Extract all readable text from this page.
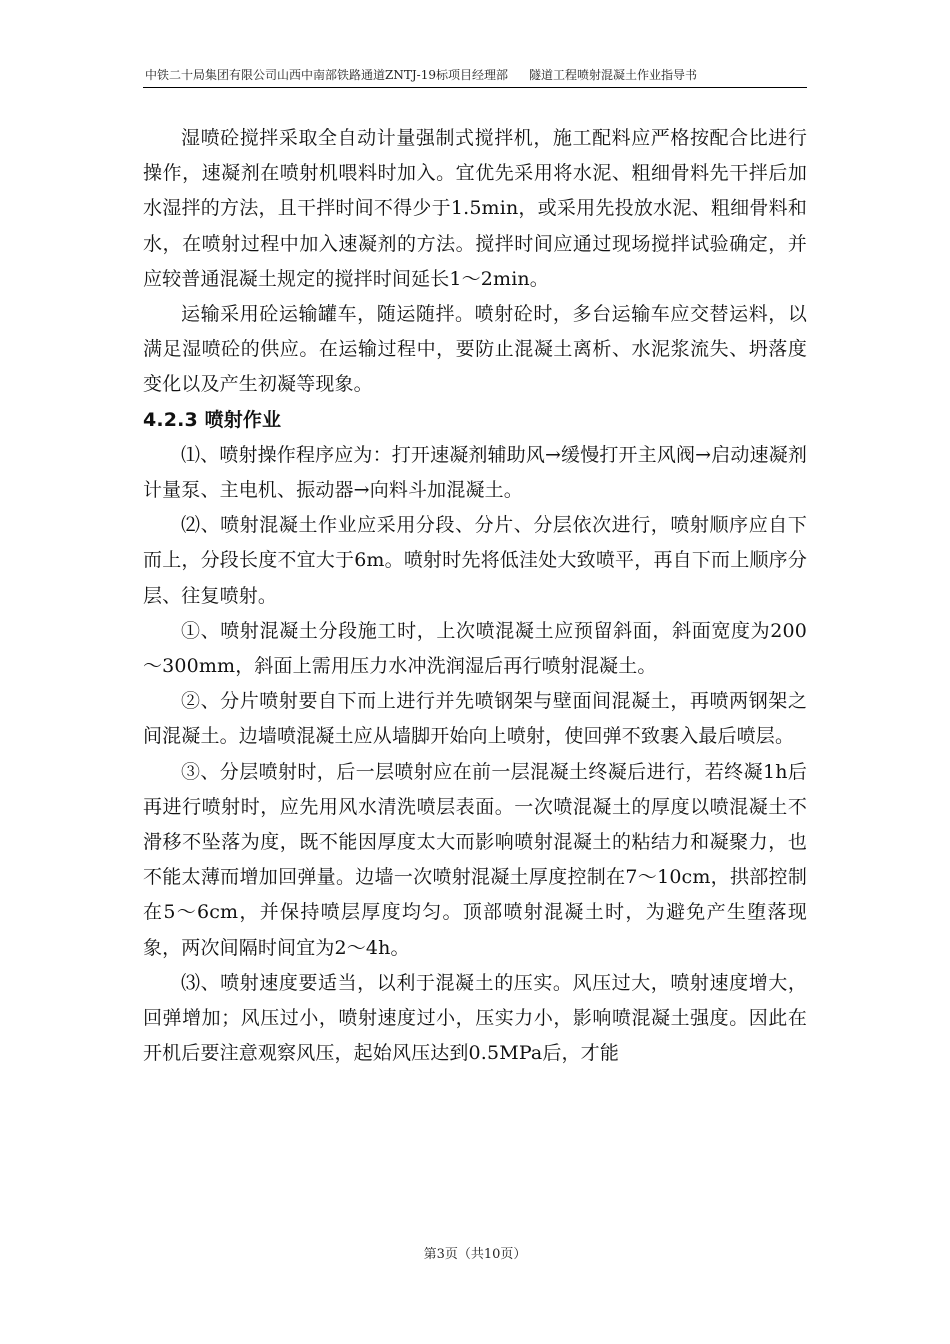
中铁二十局集团有限公司山西中南部铁路通道ZNTJ-19标项目经理部 隧道工程喷射混凝土作业指导书

湿喷砼搅拌采取全自动计量强制式搅拌机，施工配料应严格按配合比进行操作，速凝剂在喷射机喂料时加入。宜优先采用将水泥、粗细骨料先干拌后加水湿拌的方法，且干拌时间不得少于1.5min，或采用先投放水泥、粗细骨料和水，在喷射过程中加入速凝剂的方法。搅拌时间应通过现场搅拌试验确定，并应较普通混凝土规定的搅拌时间延长1～2min。

运输采用砼运输罐车，随运随拌。喷射砼时，多台运输车应交替运料，以满足湿喷砼的供应。在运输过程中，要防止混凝土离析、水泥浆流失、坍落度变化以及产生初凝等现象。

4.2.3 喷射作业

⑴、喷射操作程序应为：打开速凝剂辅助风→缓慢打开主风阀→启动速凝剂计量泵、主电机、振动器→向料斗加混凝土。

⑵、喷射混凝土作业应采用分段、分片、分层依次进行，喷射顺序应自下而上，分段长度不宜大于6m。喷射时先将低洼处大致喷平，再自下而上顺序分层、往复喷射。

①、喷射混凝土分段施工时，上次喷混凝土应预留斜面，斜面宽度为200～300mm，斜面上需用压力水冲洗润湿后再行喷射混凝土。

②、分片喷射要自下而上进行并先喷钢架与壁面间混凝土，再喷两钢架之间混凝土。边墙喷混凝土应从墙脚开始向上喷射，使回弹不致裹入最后喷层。

③、分层喷射时，后一层喷射应在前一层混凝土终凝后进行，若终凝1h后再进行喷射时，应先用风水清洗喷层表面。一次喷混凝土的厚度以喷混凝土不滑移不坠落为度，既不能因厚度太大而影响喷射混凝土的粘结力和凝聚力，也不能太薄而增加回弹量。边墙一次喷射混凝土厚度控制在7～10cm，拱部控制在5～6cm，并保持喷层厚度均匀。顶部喷射混凝土时，为避免产生堕落现象，两次间隔时间宜为2～4h。

⑶、喷射速度要适当，以利于混凝土的压实。风压过大，喷射速度增大，回弹增加；风压过小，喷射速度过小，压实力小，影响喷混凝土强度。因此在开机后要注意观察风压，起始风压达到0.5MPa后，才能

第3页（共10页）
